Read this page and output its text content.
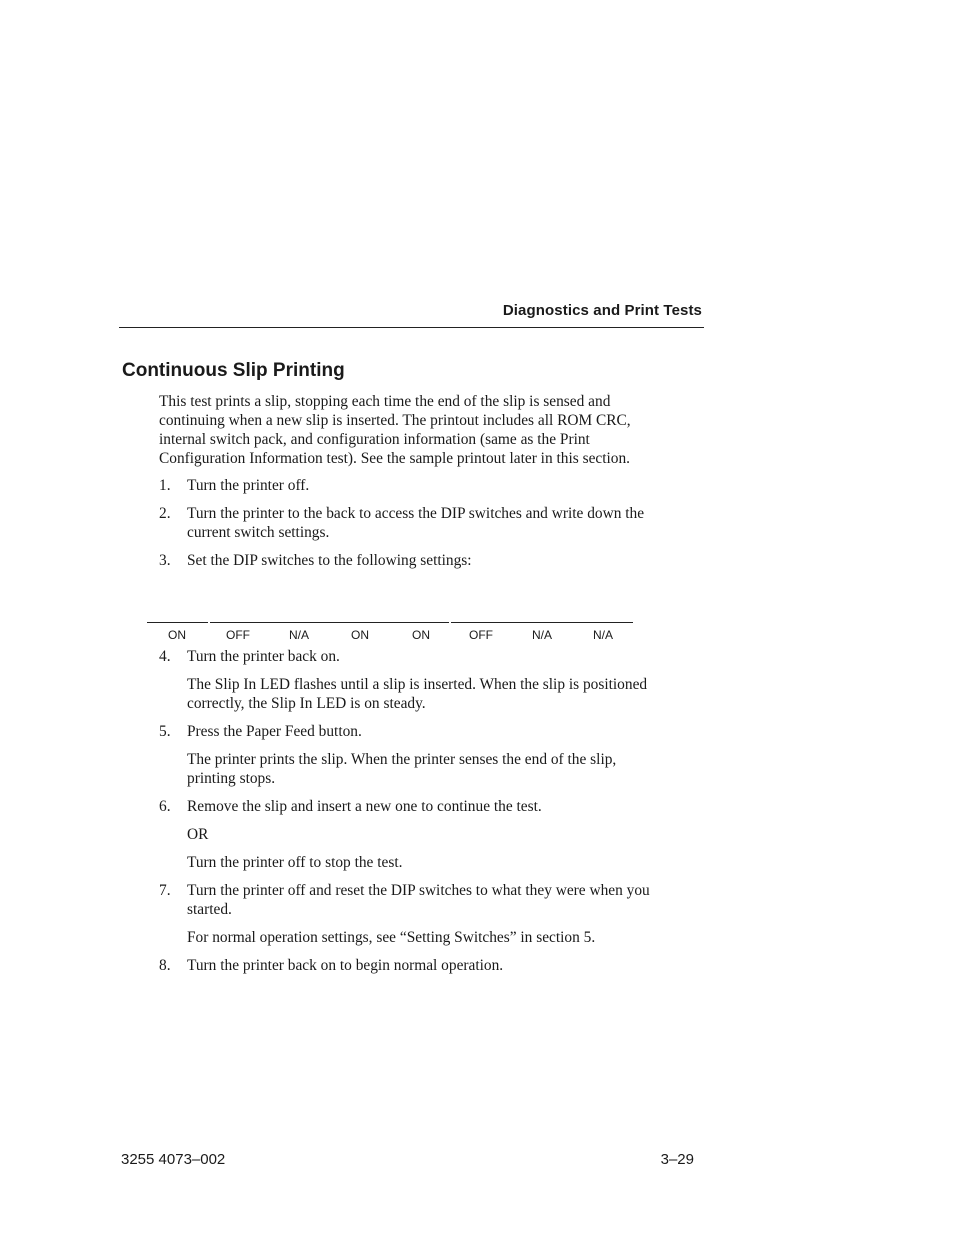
Diagnostics and Print Tests
Continuous Slip Printing
This test prints a slip, stopping each time the end of the slip is sensed and
continuing when a new slip is inserted. The printout includes all ROM CRC,
internal switch pack, and configuration information (same as the Print
Configuration Information test). See the sample printout later in this section.
1.	Turn the printer off.
2.	Turn the printer to the back to access the DIP switches and write down the
current switch settings.
3.	Set the DIP switches to the following settings:
ON	OFF	N/A	ON	ON	OFF	N/A	N/A
4.	Turn the printer back on.
The Slip In LED flashes until a slip is inserted. When the slip is positioned
correctly, the Slip In LED is on steady.
5.	Press the Paper Feed button.
The printer prints the slip. When the printer senses the end of the slip,
printing stops.
6.	Remove the slip and insert a new one to continue the test.
OR
Turn the printer off to stop the test.
7.	Turn the printer off and reset the DIP switches to what they were when you
started.
For normal operation settings, see “Setting Switches” in section 5.
8.	Turn the printer back on to begin normal operation.
3255 4073–002	3–29
